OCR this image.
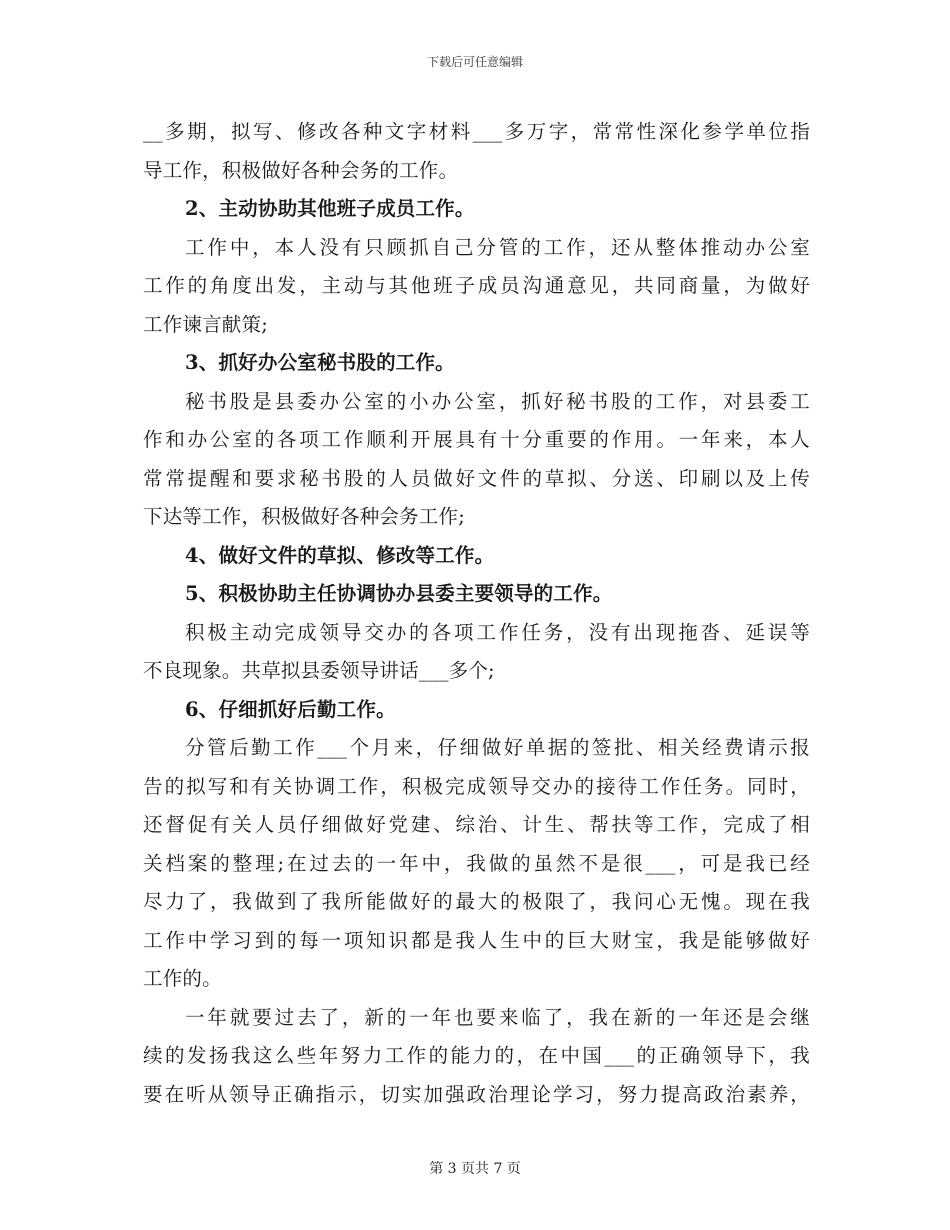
下载后可任意编辑
__多期，拟写、修改各种文字材料___多万字，常常性深化参学单位指
导工作，积极做好各种会务的工作。
2、主动协助其他班子成员工作。
工作中，本人没有只顾抓自己分管的工作，还从整体推动办公室
工作的角度出发，主动与其他班子成员沟通意见，共同商量，为做好
工作谏言献策;
3、抓好办公室秘书股的工作。
秘书股是县委办公室的小办公室，抓好秘书股的工作，对县委工
作和办公室的各项工作顺利开展具有十分重要的作用。一年来，本人
常常提醒和要求秘书股的人员做好文件的草拟、分送、印刷以及上传
下达等工作，积极做好各种会务工作;
4、做好文件的草拟、修改等工作。
5、积极协助主任协调协办县委主要领导的工作。
积极主动完成领导交办的各项工作任务，没有出现拖沓、延误等
不良现象。共草拟县委领导讲话___多个;
6、仔细抓好后勤工作。
分管后勤工作___个月来，仔细做好单据的签批、相关经费请示报
告的拟写和有关协调工作，积极完成领导交办的接待工作任务。同时，
还督促有关人员仔细做好党建、综治、计生、帮扶等工作，完成了相
关档案的整理;在过去的一年中，我做的虽然不是很___，可是我已经
尽力了，我做到了我所能做好的最大的极限了，我问心无愧。现在我
工作中学习到的每一项知识都是我人生中的巨大财宝，我是能够做好
工作的。
一年就要过去了，新的一年也要来临了，我在新的一年还是会继
续的发扬我这么些年努力工作的能力的，在中国___的正确领导下，我
要在听从领导正确指示，切实加强政治理论学习，努力提高政治素养，
第 3 页共 7 页
